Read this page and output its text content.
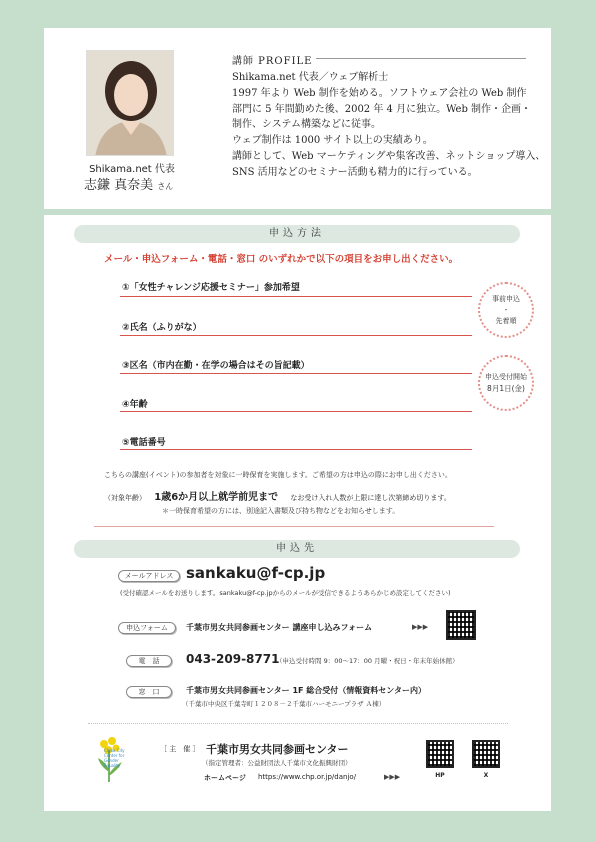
講師 PROFILE
Shikama.net 代表／ウェブ解析士
1997 年より Web 制作を始める。ソフトウェア会社の Web 制作
部門に 5 年間勤めた後、2002 年 4 月に独立。Web 制作・企画・
制作、システム構築などに従事。
ウェブ制作は 1000 サイト以上の実績あり。
講師として、Web マーケティングや集客改善、ネットショップ導入、
SNS 活用などのセミナー活動も精力的に行っている。
Shikama.net 代表
志鎌 真奈美 さん
申込方法
メール・申込フォーム・電話・窓口 のいずれかで以下の項目をお申し出ください。
①「女性チャレンジ応援セミナー」参加希望
②氏名（ふりがな）
③区名（市内在勤・在学の場合はその旨記載）
④年齢
⑤電話番号
事前申込
・
先着順
申込受付開始
8月1日(金)
こちらの講座(イベント)の参加者を対象に一時保育を実施します。ご希望の方は申込の際にお申し出ください。
（対象年齢） 1歳6か月以上就学前児まで なお受け入れ人数が上限に達し次第締め切ります。
＊一時保育希望の方には、別途記入書類及び持ち物などをお知らせします。
申込先
メールアドレス sankaku@f-cp.jp
(受付確認メールをお送りします。sankaku@f-cp.jpからのメールが受信できるようあらかじめ設定してください)
申込フォーム	千葉市男女共同参画センター 講座申し込みフォーム	▶▶▶
電　話	043-209-8771
（申込受付時間 9：00～17：00 月曜・祝日・年末年始休館）
窓　口	千葉市男女共同参画センター 1F 総合受付（情報資料センター内）
（千葉市中央区千葉寺町１２０８－２千葉市ハーモニープラザ Ａ棟）
Chiba City Center for Gender Equality
［ 主　催 ］ 千葉市男女共同参画センター
（指定管理者：公益財団法人千葉市文化振興財団）
ホームページ https://www.chp.or.jp/danjo/	▶▶▶	HP	X
